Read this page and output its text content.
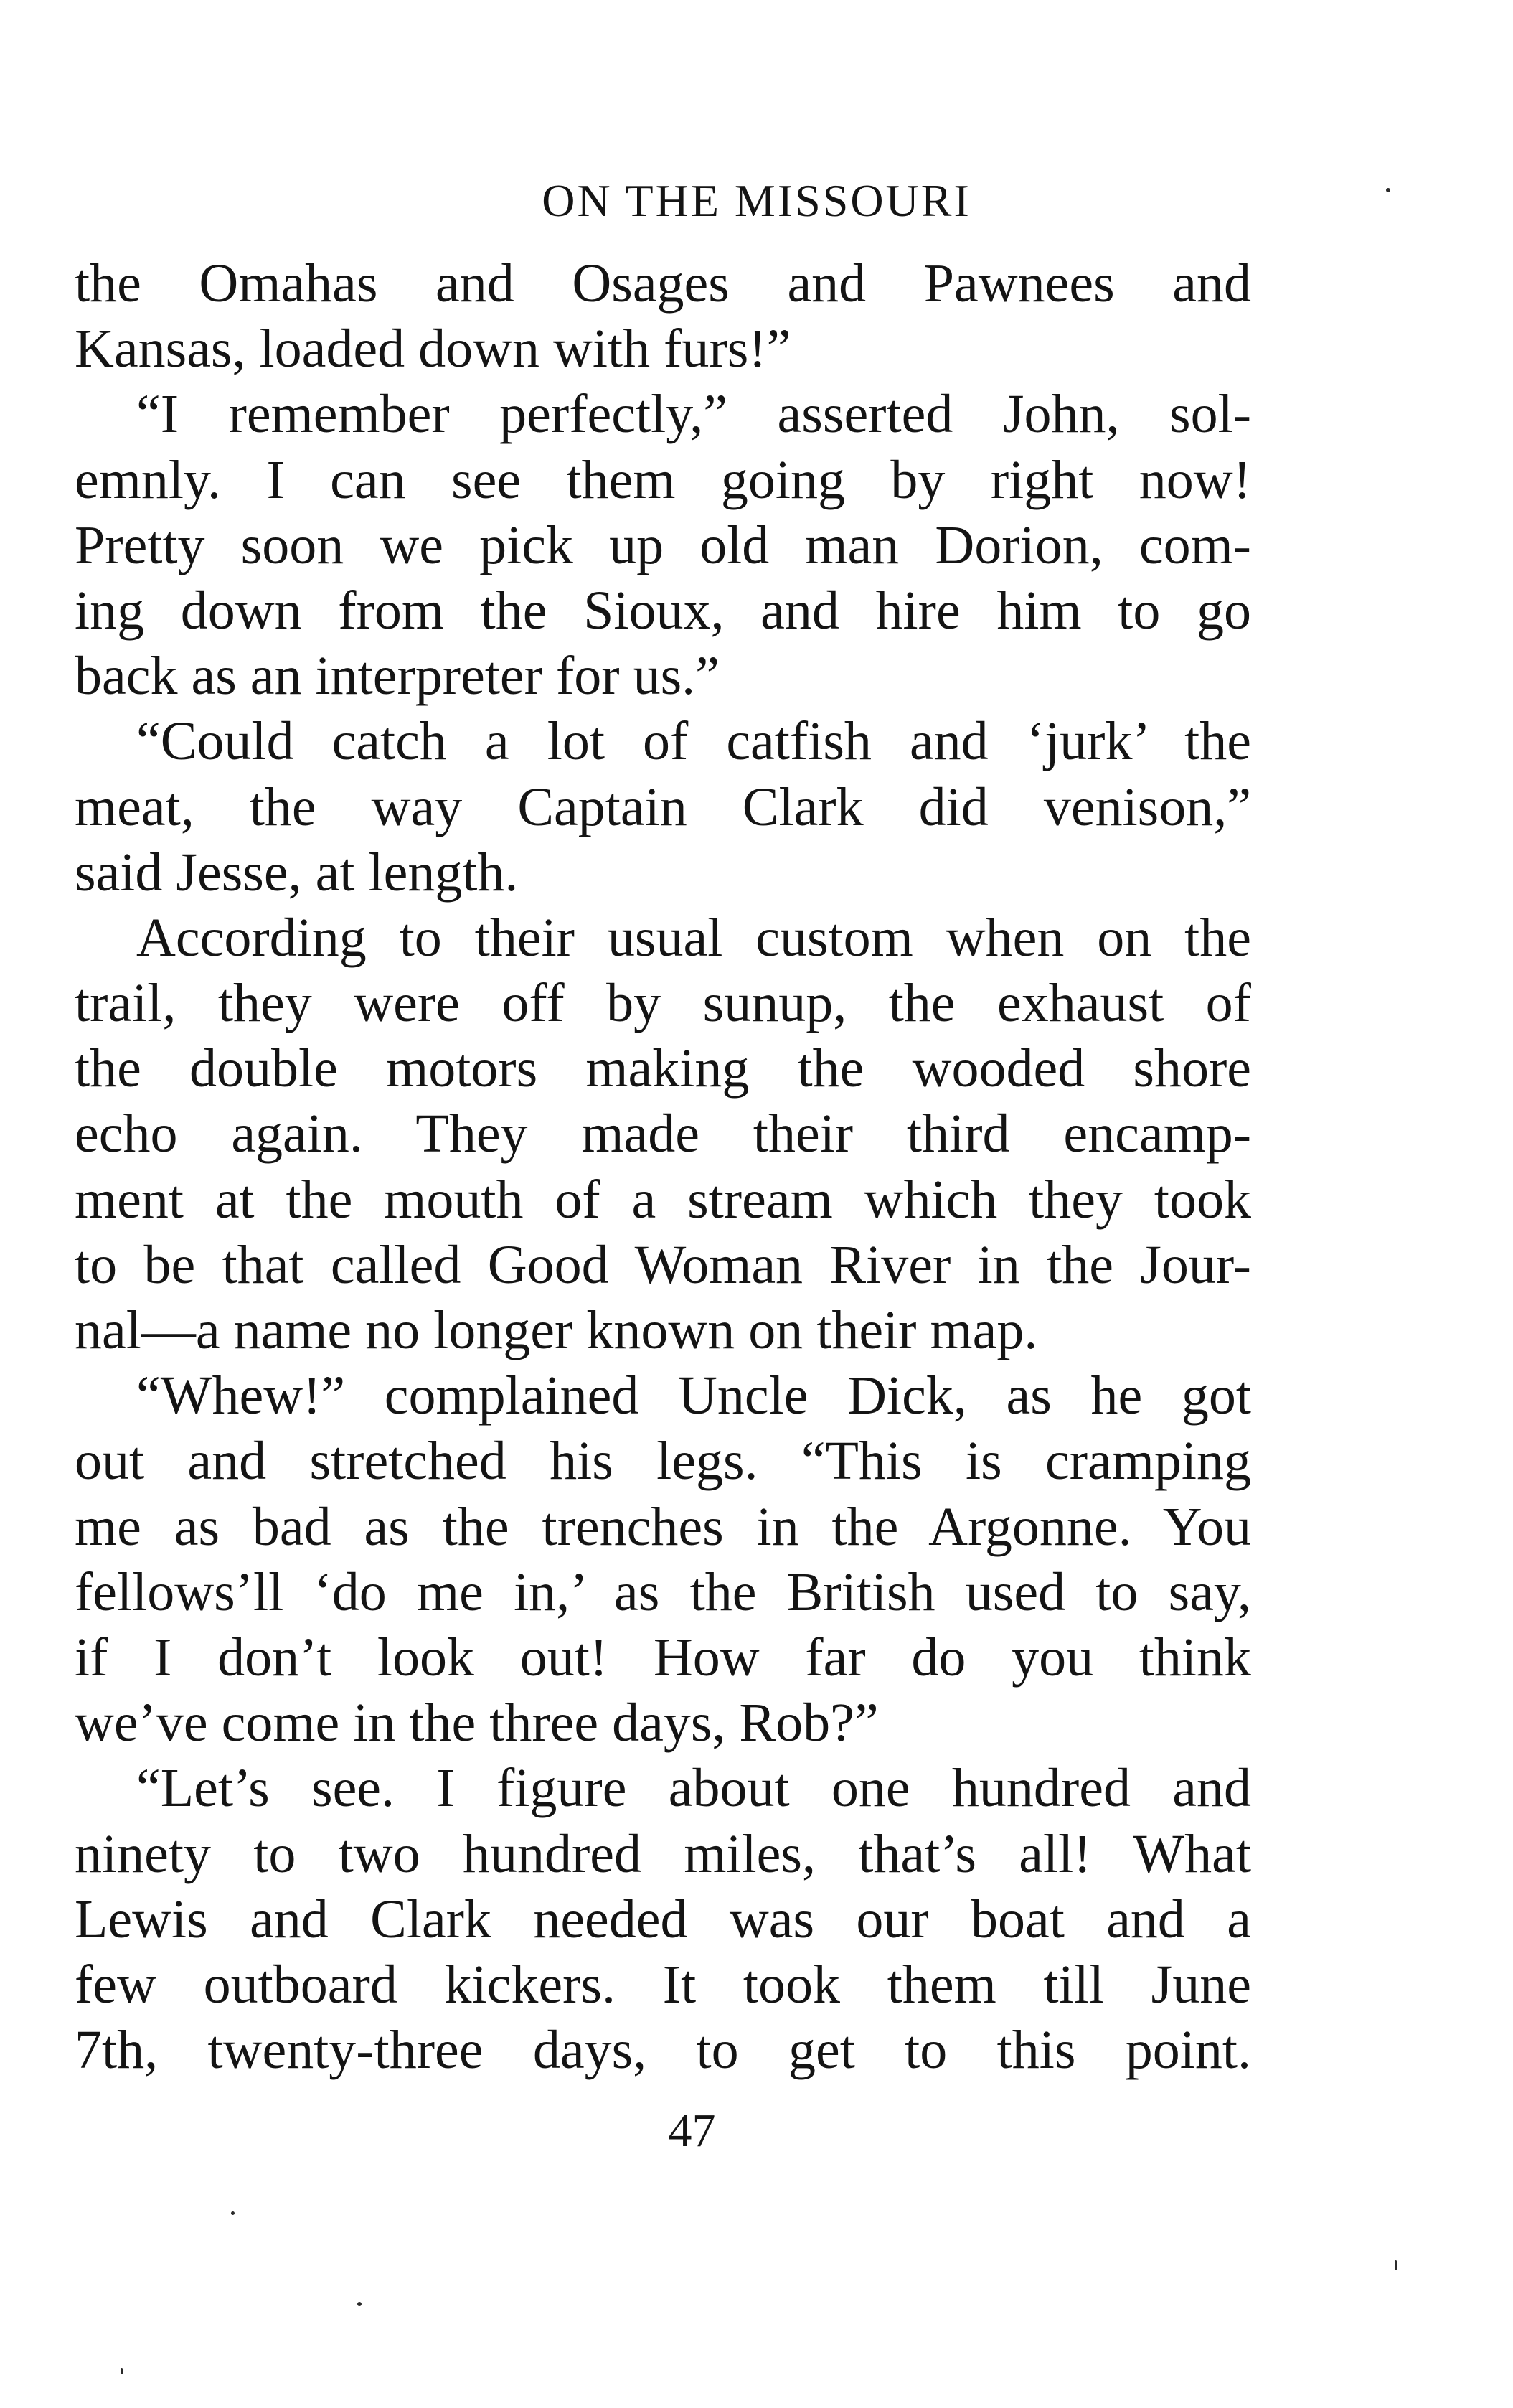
ON THE MISSOURI
the Omahas and Osages and Pawnees and
Kansas, loaded down with furs!”
“I remember perfectly,” asserted John, sol-
emnly. I can see them going by right now!
Pretty soon we pick up old man Dorion, com-
ing down from the Sioux, and hire him to go
back as an interpreter for us.”
“Could catch a lot of catfish and ‘jurk’ the
meat, the way Captain Clark did venison,”
said Jesse, at length.
According to their usual custom when on the
trail, they were off by sunup, the exhaust of
the double motors making the wooded shore
echo again. They made their third encamp-
ment at the mouth of a stream which they took
to be that called Good Woman River in the Jour-
nal—a name no longer known on their map.
“Whew!” complained Uncle Dick, as he got
out and stretched his legs. “This is cramping
me as bad as the trenches in the Argonne. You
fellows’ll ‘do me in,’ as the British used to say,
if I don’t look out! How far do you think
we’ve come in the three days, Rob?”
“Let’s see. I figure about one hundred and
ninety to two hundred miles, that’s all! What
Lewis and Clark needed was our boat and a
few outboard kickers. It took them till June
7th, twenty-three days, to get to this point.
47
